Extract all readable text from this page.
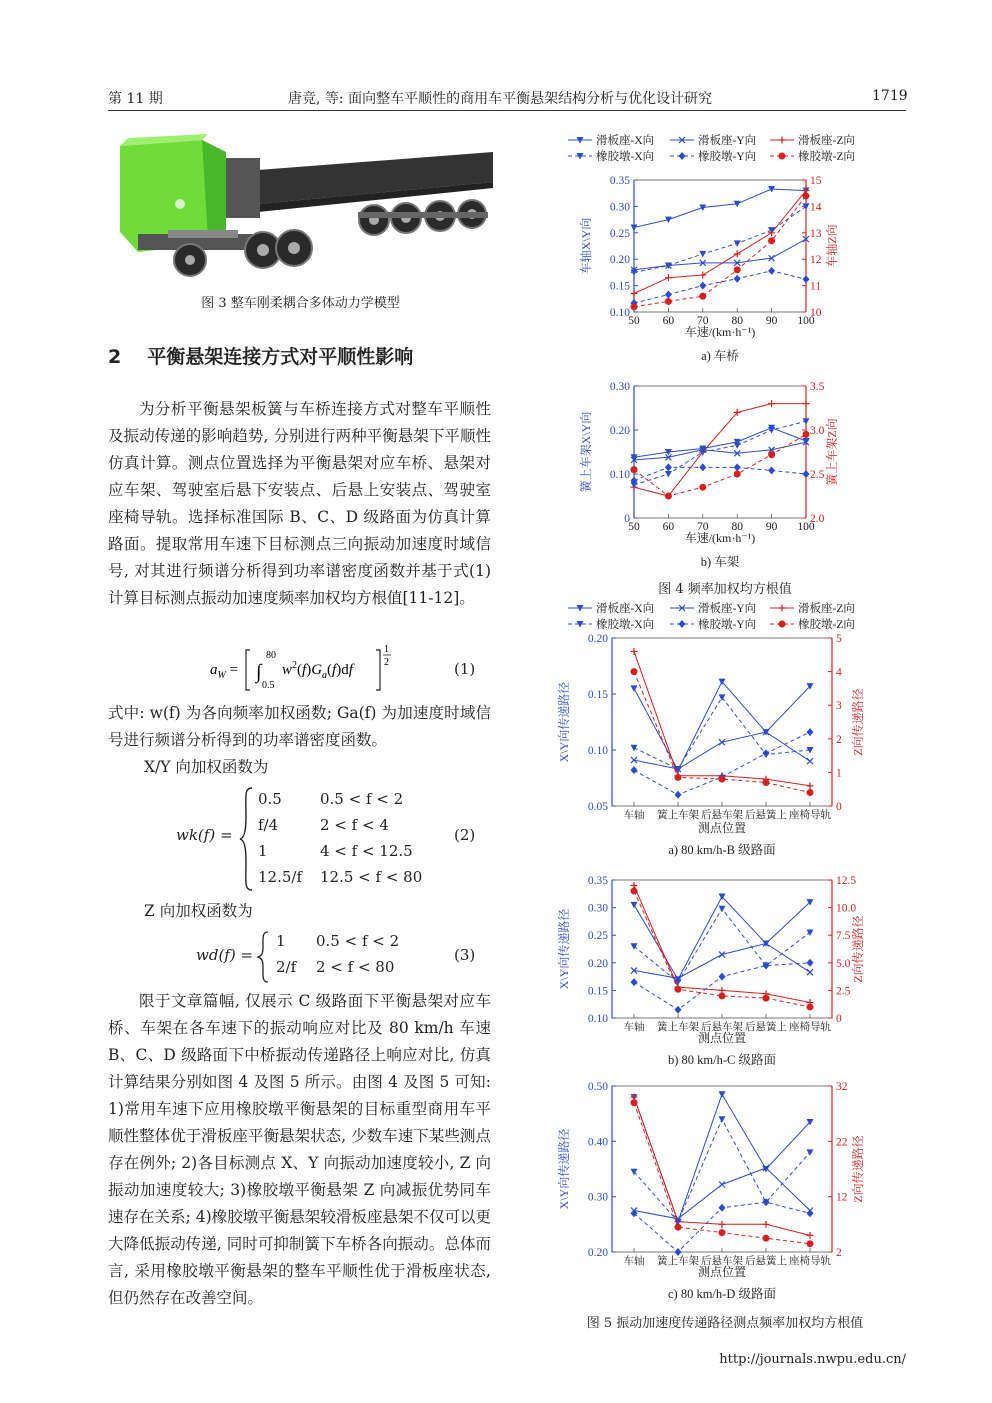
第 11 期	唐竞, 等: 面向整车平顺性的商用车平衡悬架结构分析与优化设计研究	1719
图 3 整车刚柔耦合多体动力学模型
2 平衡悬架连接方式对平顺性影响

为分析平衡悬架板簧与车桥连接方式对整车平顺性及振动传递的影响趋势, 分别进行两种平衡悬架下平顺性仿真计算。测点位置选择为平衡悬架对应车桥、悬架对应车架、驾驶室后悬下安装点、后悬上安装点、驾驶室座椅导轨。选择标准国际 B、C、D 级路面为仿真计算路面。提取常用车速下目标测点三向振动加速度时域信号, 对其进行频谱分析得到功率谱密度函数并基于式(1)计算目标测点振动加速度频率加权均方根值[11-12]。

$a_W$ = ∫
80
0.5
$w^2(f)G_a(f)df$
1
2	(1)
式中: w(f) 为各向频率加权函数; Ga(f) 为加速度时域信号进行频谱分析得到的功率谱密度函数。
X/Y 向加权函数为
wk(f) =
0.5	0.5 < f < 2
f/4	2 < f < 4
1	4 < f < 12.5
12.5/f 12.5 < f < 80
(2)
Z 向加权函数为
wd(f) =
1 0.5 < f < 2
2/f 2 < f < 80
(3)

限于文章篇幅, 仅展示 C 级路面下平衡悬架对应车桥、车架在各车速下的振动响应对比及 80 km/h 车速 B、C、D 级路面下中桥振动传递路径上响应对比, 仿真计算结果分别如图 4 及图 5 所示。由图 4 及图 5 可知: 1)常用车速下应用橡胶墩平衡悬架的目标重型商用车平顺性整体优于滑板座平衡悬架状态, 少数车速下某些测点存在例外; 2)各目标测点 X、Y 向振动加速度较小, Z 向振动加速度较大; 3)橡胶墩平衡悬架 Z 向减振优势同车速存在关系; 4)橡胶墩平衡悬架较滑板座悬架不仅可以更大降低振动传递, 同时可抑制簧下车桥各向振动。总体而言, 采用橡胶墩平衡悬架的整车平顺性优于滑板座状态, 但仍然存在改善空间。

滑板座-X向	滑板座-Y向	滑板座-Z向
橡胶墩-X向	橡胶墩-Y向	橡胶墩-Z向
滑板座-X向	滑板座-Y向	滑板座-Z向
橡胶墩-X向	橡胶墩-Y向	橡胶墩-Z向
0.10
0.15
0.20
0.25
0.30
0.35
10
11
12
13
14
15
50 60 70 80 90 100
车速/(km·h⁻¹)
车轴X\Y向	车轴Z向
a) 车桥
0
0.10
0.20
0.30
2.0
2.5
3.0
3.5
50 60 70 80 90 100
车速/(km·h⁻¹)
簧上车架X\Y向	簧上车架Z向
b) 车架
0.05
0.10
0.15
0.20
0
1
2
3
4
5
车轴 簧上车架 后悬车架 后悬簧上 座椅导轨
测点位置
X\Y向传递路径	Z向传递路径
a) 80 km/h-B 级路面
0.10
0.15
0.20
0.25
0.30
0.35
0
2.5
5.0
7.5
10.0
12.5
车轴 簧上车架 后悬车架 后悬簧上 座椅导轨
测点位置
X\Y向传递路径	Z向传递路径
b) 80 km/h-C 级路面
0.20
0.30
0.40
0.50
2
12
22
32
车轴 簧上车架 后悬车架 后悬簧上 座椅导轨
测点位置
X\Y向传递路径	Z向传递路径
c) 80 km/h-D 级路面
图 4 频率加权均方根值
图 5 振动加速度传递路径测点频率加权均方根值
http://journals.nwpu.edu.cn/
